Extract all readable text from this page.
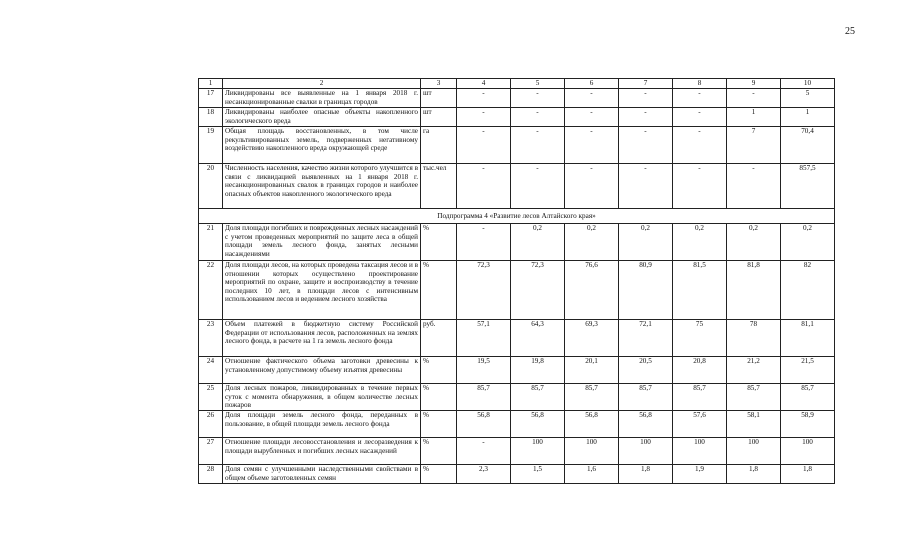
25
1	2	3	4	5	6	7	8	9	10
17	Ликвидированы все выявленные на 1 января 2018 г. несанкционированные свалки в границах городов	шт	-	-	-	-	-	-	5
18	Ликвидированы наиболее опасные объекты накопленного экологического вреда	шт	-	-	-	-	-	1	1
19	Общая площадь восстановленных, в том числе рекультивированных земель, подверженных негативному воздействию накопленного вреда окружающей среде	га	-	-	-	-	-	7	70,4
20	Численность населения, качество жизни которого улучшится в связи с ликвидацией выявленных на 1 января 2018 г. несанкционированных свалок в границах городов и наиболее опасных объектов накопленного экологического вреда	тыс.чел	-	-	-	-	-	-	857,5
Подпрограмма 4 «Развитие лесов Алтайского края»									
21	Доля площади погибших и поврежденных лесных насаждений с учетом проведенных мероприятий по защите леса в общей площади земель лесного фонда, занятых лесными насаждениями	%	-	0,2	0,2	0,2	0,2	0,2	0,2
22	Доля площади лесов, на которых проведена таксация лесов и в отношении которых осуществлено проектирование мероприятий по охране, защите и воспроизводству в течение последних 10 лет, в площади лесов с интенсивным использованием лесов и ведением лесного хозяйства	%	72,3	72,3	76,6	80,9	81,5	81,8	82
23	Объем платежей в бюджетную систему Российской Федерации от использования лесов, расположенных на землях лесного фонда, в расчете на 1 га земель лесного фонда	руб.	57,1	64,3	69,3	72,1	75	78	81,1
24	Отношение фактического объема заготовки древесины к установленному допустимому объему изъятия древесины	%	19,5	19,8	20,1	20,5	20,8	21,2	21,5
25	Доля лесных пожаров, ликвидированных в течение первых суток с момента обнаружения, в общем количестве лесных пожаров	%	85,7	85,7	85,7	85,7	85,7	85,7	85,7
26	Доля площади земель лесного фонда, переданных в пользование, в общей площади земель лесного фонда	%	56,8	56,8	56,8	56,8	57,6	58,1	58,9
27	Отношение площади лесовосстановления и лесоразведения к площади вырубленных и погибших лесных насаждений	%	-	100	100	100	100	100	100
28	Доля семян с улучшенными наследственными свойствами в общем объеме заготовленных семян	%	2,3	1,5	1,6	1,8	1,9	1,8	1,8
